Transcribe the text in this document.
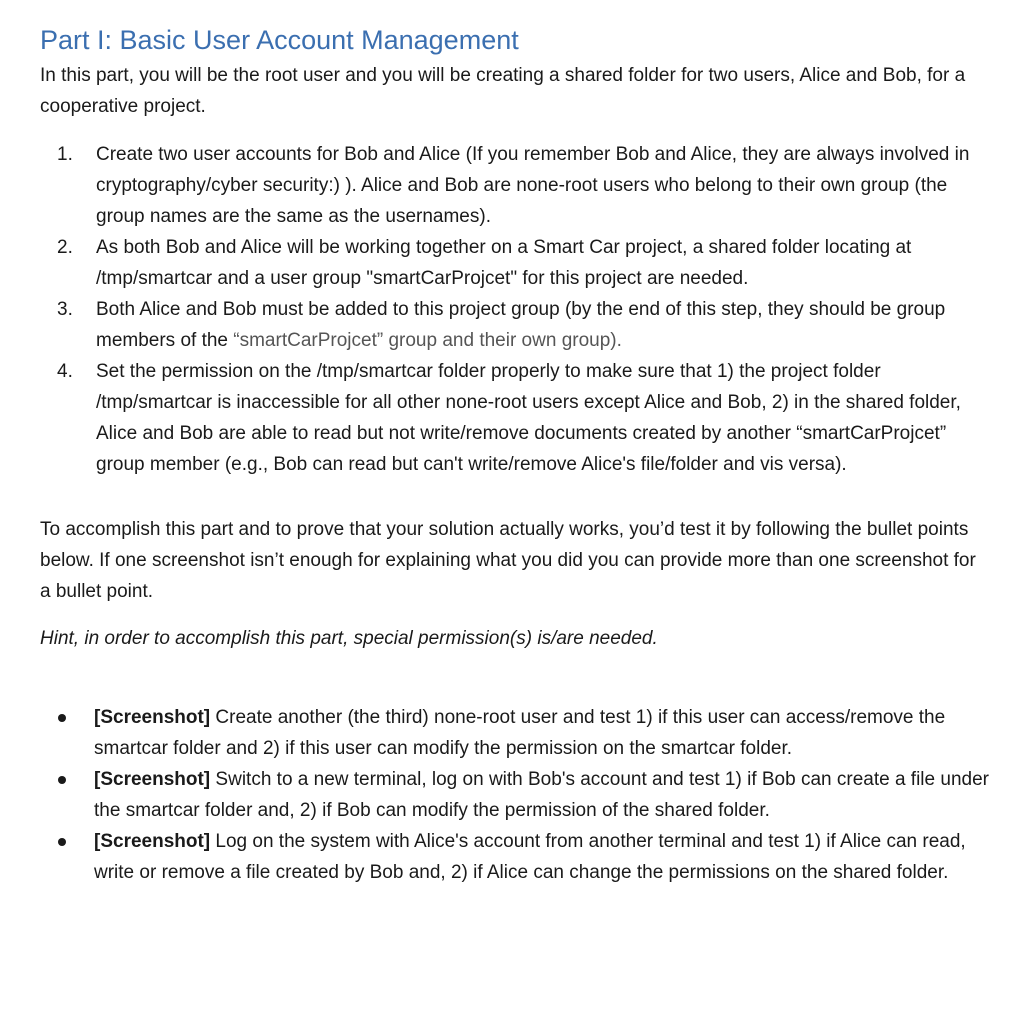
Part I: Basic User Account Management

In this part, you will be the root user and you will be creating a shared folder for two users, Alice and Bob, for a cooperative project.

1. Create two user accounts for Bob and Alice (If you remember Bob and Alice, they are always involved in cryptography/cyber security:) ). Alice and Bob are none-root users who belong to their own group (the group names are the same as the usernames).
2. As both Bob and Alice will be working together on a Smart Car project, a shared folder locating at /tmp/smartcar and a user group "smartCarProjcet" for this project are needed.
3. Both Alice and Bob must be added to this project group (by the end of this step, they should be group members of the “smartCarProjcet” group and their own group).
4. Set the permission on the /tmp/smartcar folder properly to make sure that 1) the project folder /tmp/smartcar is inaccessible for all other none-root users except Alice and Bob, 2) in the shared folder, Alice and Bob are able to read but not write/remove documents created by another “smartCarProjcet” group member (e.g., Bob can read but can't write/remove Alice's file/folder and vis versa).

To accomplish this part and to prove that your solution actually works, you’d test it by following the bullet points below. If one screenshot isn’t enough for explaining what you did you can provide more than one screenshot for a bullet point.

Hint, in order to accomplish this part, special permission(s) is/are needed.

[Screenshot] Create another (the third) none-root user and test 1) if this user can access/remove the smartcar folder and 2) if this user can modify the permission on the smartcar folder.
[Screenshot] Switch to a new terminal, log on with Bob's account and test 1) if Bob can create a file under the smartcar folder and, 2) if Bob can modify the permission of the shared folder.
[Screenshot] Log on the system with Alice's account from another terminal and test 1) if Alice can read, write or remove a file created by Bob and, 2) if Alice can change the permissions on the shared folder.
